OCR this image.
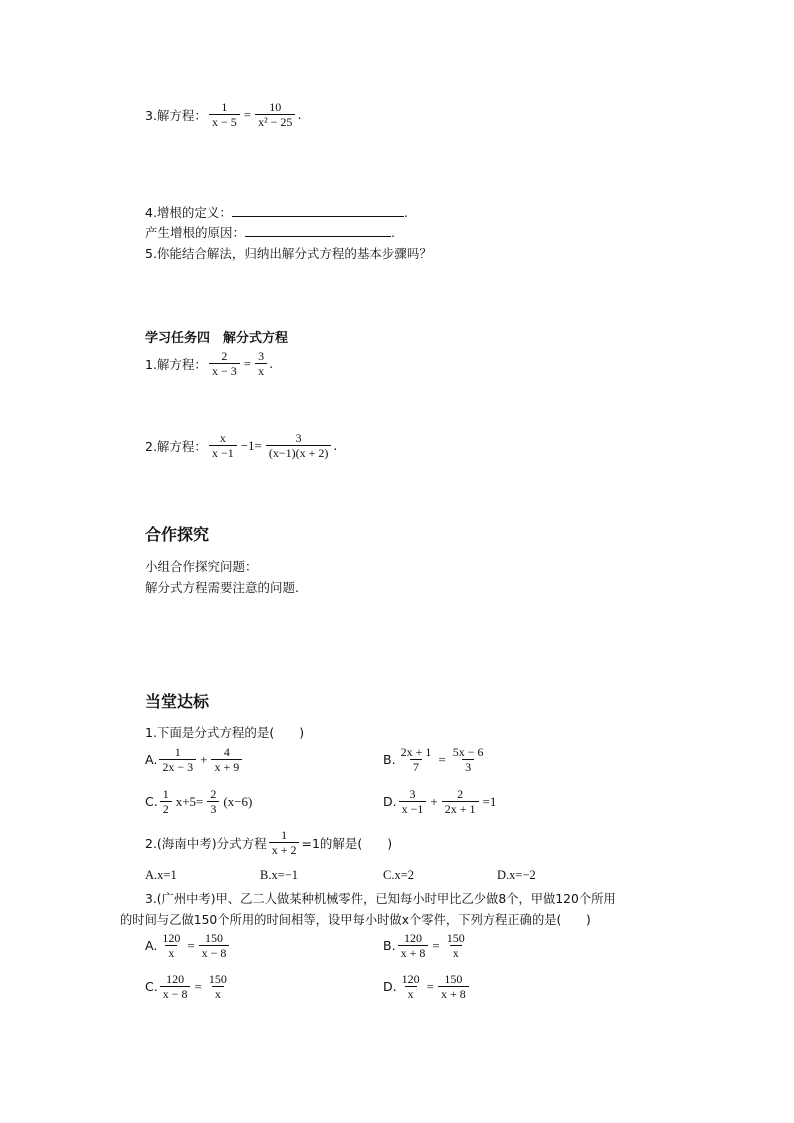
3.解方程： $\frac{1}{x - 5} = \frac{10}{\text{x² − 25}}$ .
4.增根的定义：	.
产生增根的原因：	.
5.你能结合解法，归纳出解分式方程的基本步骤吗？
学习任务四　解分式方程
1.解方程： $\frac{2}{x - 3} = \frac{3}{x}$ .
2.解方程： $\frac{x}{x -1} -1= \frac{3}{(x-1)(x + 2)}$ .
合作探究
小组合作探究问题：
解分式方程需要注意的问题.
当堂达标
1.下面是分式方程的是(　　)
A. $\frac{1}{2x - 3} + \frac{4}{x + 9}$	B. $\frac{2x + 1}{7} = \frac{5x - 6}{3}$
C. $\frac{1}{2} x+5= \frac{2}{3} (x-6)$	D. $\frac{3}{x -1} + \frac{2}{2x + 1} =1$
2.(海南中考)分式方程 $\frac{1}{x + 2} =1$的解是(　　)
A.x=1	B.x=−1	C.x=2	D.x=−2
3.(广州中考)甲、乙二人做某种机械零件，已知每小时甲比乙少做8个，甲做120个所用
的时间与乙做150个所用的时间相等，设甲每小时做x个零件，下列方程正确的是(　　)
A. $\frac{120}{x} = \frac{150}{x - 8}$	B. $\frac{120}{x + 8} = \frac{150}{x}$
C. $\frac{120}{x - 8} = \frac{150}{x}$	D. $\frac{120}{x} = \frac{150}{x + 8}$
